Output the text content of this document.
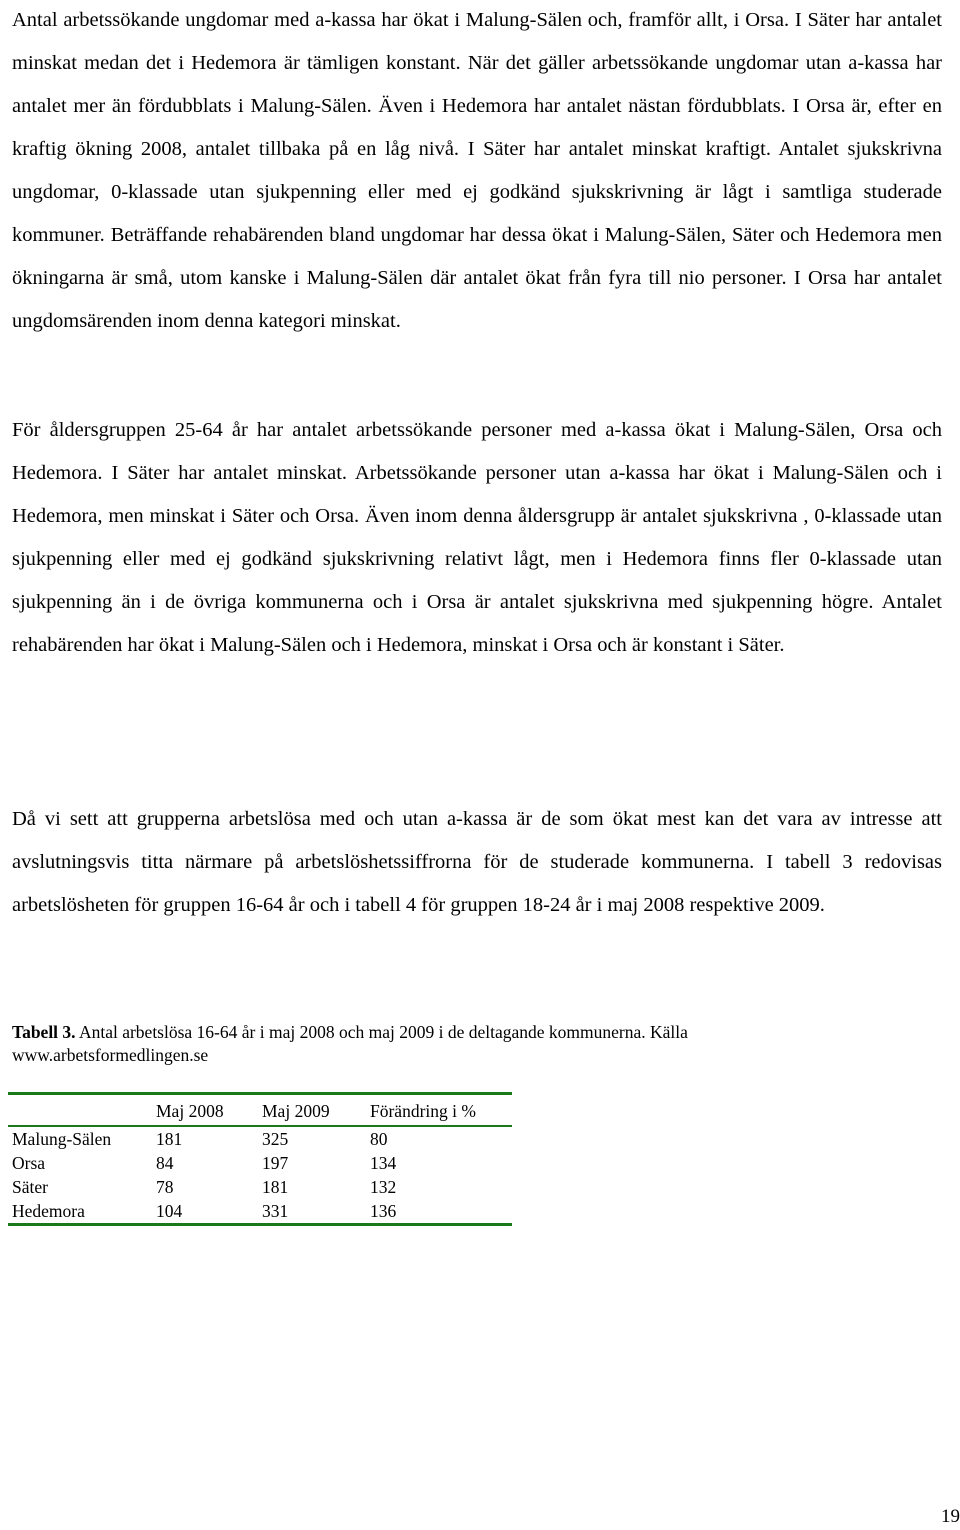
Antal arbetssökande ungdomar med a-kassa har ökat i Malung-Sälen och, framför allt, i Orsa. I Säter har antalet minskat medan det i Hedemora är tämligen konstant. När det gäller arbetssökande ungdomar utan a-kassa har antalet mer än fördubblats i Malung-Sälen. Även i Hedemora har antalet nästan fördubblats. I Orsa är, efter en kraftig ökning 2008, antalet tillbaka på en låg nivå. I Säter har antalet minskat kraftigt. Antalet sjukskrivna ungdomar, 0-klassade utan sjukpenning eller med ej godkänd sjukskrivning är lågt i samtliga studerade kommuner. Beträffande rehabärenden bland ungdomar har dessa ökat i Malung-Sälen, Säter och Hedemora men ökningarna är små, utom kanske i Malung-Sälen där antalet ökat från fyra till nio personer. I Orsa har antalet ungdomsärenden inom denna kategori minskat.

För åldersgruppen 25-64 år har antalet arbetssökande personer med a-kassa ökat i Malung-Sälen, Orsa och Hedemora. I Säter har antalet minskat. Arbetssökande personer utan a-kassa har ökat i Malung-Sälen och i Hedemora, men minskat i Säter och Orsa. Även inom denna åldersgrupp är antalet sjukskrivna , 0-klassade utan sjukpenning eller med ej godkänd sjukskrivning relativt lågt, men i Hedemora finns fler 0-klassade utan sjukpenning än i de övriga kommunerna och i Orsa är antalet sjukskrivna med sjukpenning högre. Antalet rehabärenden har ökat i Malung-Sälen och i Hedemora, minskat i Orsa och är konstant i Säter.

Då vi sett att grupperna arbetslösa med och utan a-kassa är de som ökat mest kan det vara av intresse att avslutningsvis titta närmare på arbetslöshetssiffrorna för de studerade kommunerna. I tabell 3 redovisas arbetslösheten för gruppen 16-64 år och i tabell 4 för gruppen 18-24 år i maj 2008 respektive 2009.

Tabell 3. Antal arbetslösa 16-64 år i maj 2008 och maj 2009 i de deltagande kommunerna. Källa www.arbetsformedlingen.se

	Maj 2008	Maj 2009	Förändring i %
Malung-Sälen	181	325	80
Orsa	84	197	134
Säter	78	181	132
Hedemora	104	331	136
19
